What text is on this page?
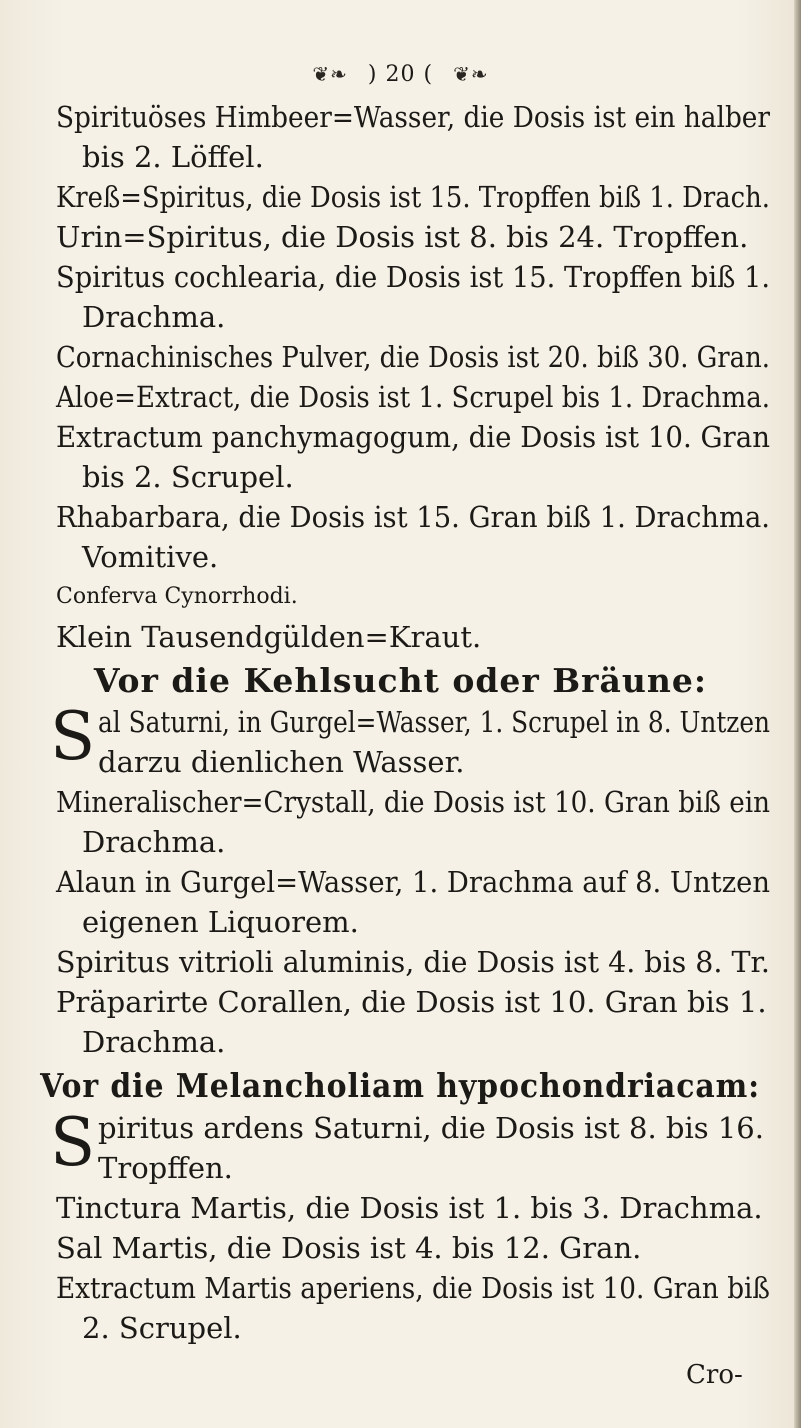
❦❧ ) 20 ( ❦❧
Spirituöses Himbeer=Wasser, die Dosis ist ein halber
bis 2. Löffel.
Kreß=Spiritus, die Dosis ist 15. Tropffen biß 1. Drach.
Urin=Spiritus, die Dosis ist 8. bis 24. Tropffen.
Spiritus cochlearia, die Dosis ist 15. Tropffen biß 1.
Drachma.
Cornachinisches Pulver, die Dosis ist 20. biß 30. Gran.
Aloe=Extract, die Dosis ist 1. Scrupel bis 1. Drachma.
Extractum panchymagogum, die Dosis ist 10. Gran
bis 2. Scrupel.
Rhabarbara, die Dosis ist 15. Gran biß 1. Drachma.
Vomitive.
Conferva Cynorrhodi.
Klein Tausendgülden=Kraut.
Vor die Kehlsucht oder Bräune:
S al Saturni, in Gurgel=Wasser, 1. Scrupel in 8. Untzen
darzu dienlichen Wasser.
Mineralischer=Crystall, die Dosis ist 10. Gran biß ein
Drachma.
Alaun in Gurgel=Wasser, 1. Drachma auf 8. Untzen
eigenen Liquorem.
Spiritus vitrioli aluminis, die Dosis ist 4. bis 8. Tr.
Präparirte Corallen, die Dosis ist 10. Gran bis 1.
Drachma.
Vor die Melancholiam hypochondriacam:
S piritus ardens Saturni, die Dosis ist 8. bis 16.
Tropffen.
Tinctura Martis, die Dosis ist 1. bis 3. Drachma.
Sal Martis, die Dosis ist 4. bis 12. Gran.
Extractum Martis aperiens, die Dosis ist 10. Gran biß
2. Scrupel.
Cro-
